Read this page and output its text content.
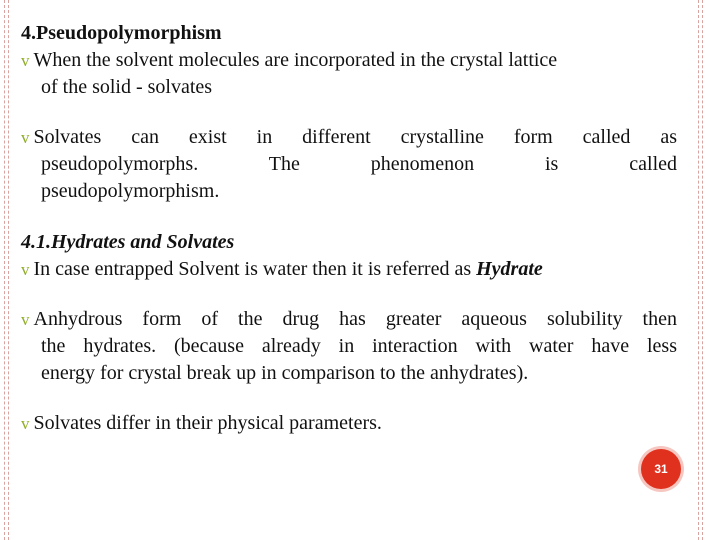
4.Pseudopolymorphism

v When the solvent molecules are incorporated in the crystal lattice
of the solid - solvates
v Solvates can exist in different crystalline form called as
pseudopolymorphs. The phenomenon is called
pseudopolymorphism.

4.1.Hydrates and Solvates

v In case entrapped Solvent is water then it is referred as Hydrate
v Anhydrous form of the drug has greater aqueous solubility then
the hydrates. (because already in interaction with water have less
energy for crystal break up in comparison to the anhydrates).
v Solvates differ in their physical parameters.
31
